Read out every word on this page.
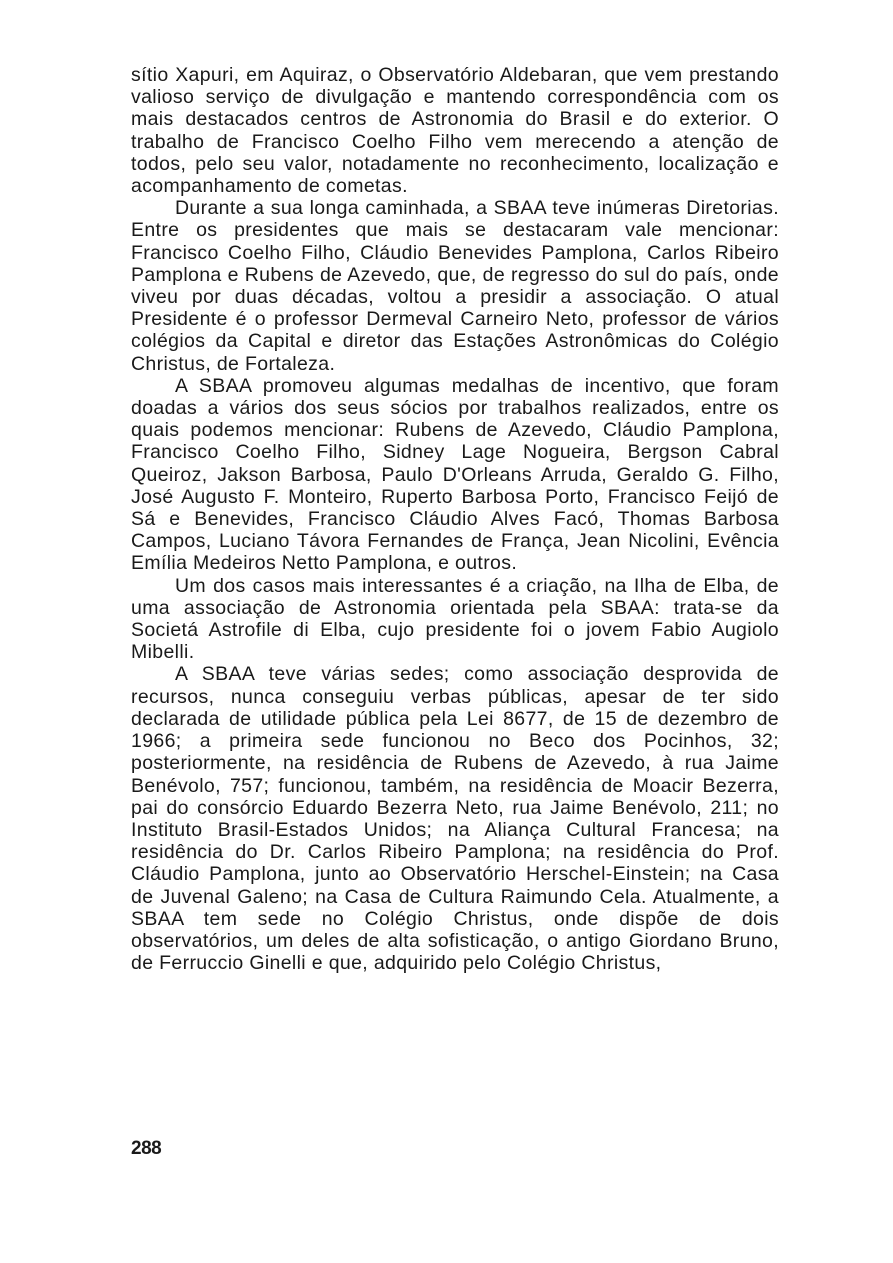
sítio Xapuri, em Aquiraz, o Observatório Aldebaran, que vem prestando valioso serviço de divulgação e mantendo correspondência com os mais destacados centros de Astronomia do Brasil e do exterior. O trabalho de Francisco Coelho Filho vem merecendo a atenção de todos, pelo seu valor, notadamente no reconhecimento, localização e acompanhamento de cometas.

Durante a sua longa caminhada, a SBAA teve inúmeras Diretorias. Entre os presidentes que mais se destacaram vale mencionar: Francisco Coelho Filho, Cláudio Benevides Pamplona, Carlos Ribeiro Pamplona e Rubens de Azevedo, que, de regresso do sul do país, onde viveu por duas décadas, voltou a presidir a associação. O atual Presidente é o professor Dermeval Carneiro Neto, professor de vários colégios da Capital e diretor das Estações Astronômicas do Colégio Christus, de Fortaleza.

A SBAA promoveu algumas medalhas de incentivo, que foram doadas a vários dos seus sócios por trabalhos realizados, entre os quais podemos mencionar: Rubens de Azevedo, Cláudio Pamplona, Francisco Coelho Filho, Sidney Lage Nogueira, Bergson Cabral Queiroz, Jakson Barbosa, Paulo D'Orleans Arruda, Geraldo G. Filho, José Augusto F. Monteiro, Ruperto Barbosa Porto, Francisco Feijó de Sá e Benevides, Francisco Cláudio Alves Facó, Thomas Barbosa Campos, Luciano Távora Fernandes de França, Jean Nicolini, Evência Emília Medeiros Netto Pamplona, e outros.

Um dos casos mais interessantes é a criação, na Ilha de Elba, de uma associação de Astronomia orientada pela SBAA: trata-se da Societá Astrofile di Elba, cujo presidente foi o jovem Fabio Augiolo Mibelli.

A SBAA teve várias sedes; como associação desprovida de recursos, nunca conseguiu verbas públicas, apesar de ter sido declarada de utilidade pública pela Lei 8677, de 15 de dezembro de 1966; a primeira sede funcionou no Beco dos Pocinhos, 32; posteriormente, na residência de Rubens de Azevedo, à rua Jaime Benévolo, 757; funcionou, também, na residência de Moacir Bezerra, pai do consórcio Eduardo Bezerra Neto, rua Jaime Benévolo, 211; no Instituto Brasil-Estados Unidos; na Aliança Cultural Francesa; na residência do Dr. Carlos Ribeiro Pamplona; na residência do Prof. Cláudio Pamplona, junto ao Observatório Herschel-Einstein; na Casa de Juvenal Galeno; na Casa de Cultura Raimundo Cela. Atualmente, a SBAA tem sede no Colégio Christus, onde dispõe de dois observatórios, um deles de alta sofisticação, o antigo Giordano Bruno, de Ferruccio Ginelli e que, adquirido pelo Colégio Christus,

288
